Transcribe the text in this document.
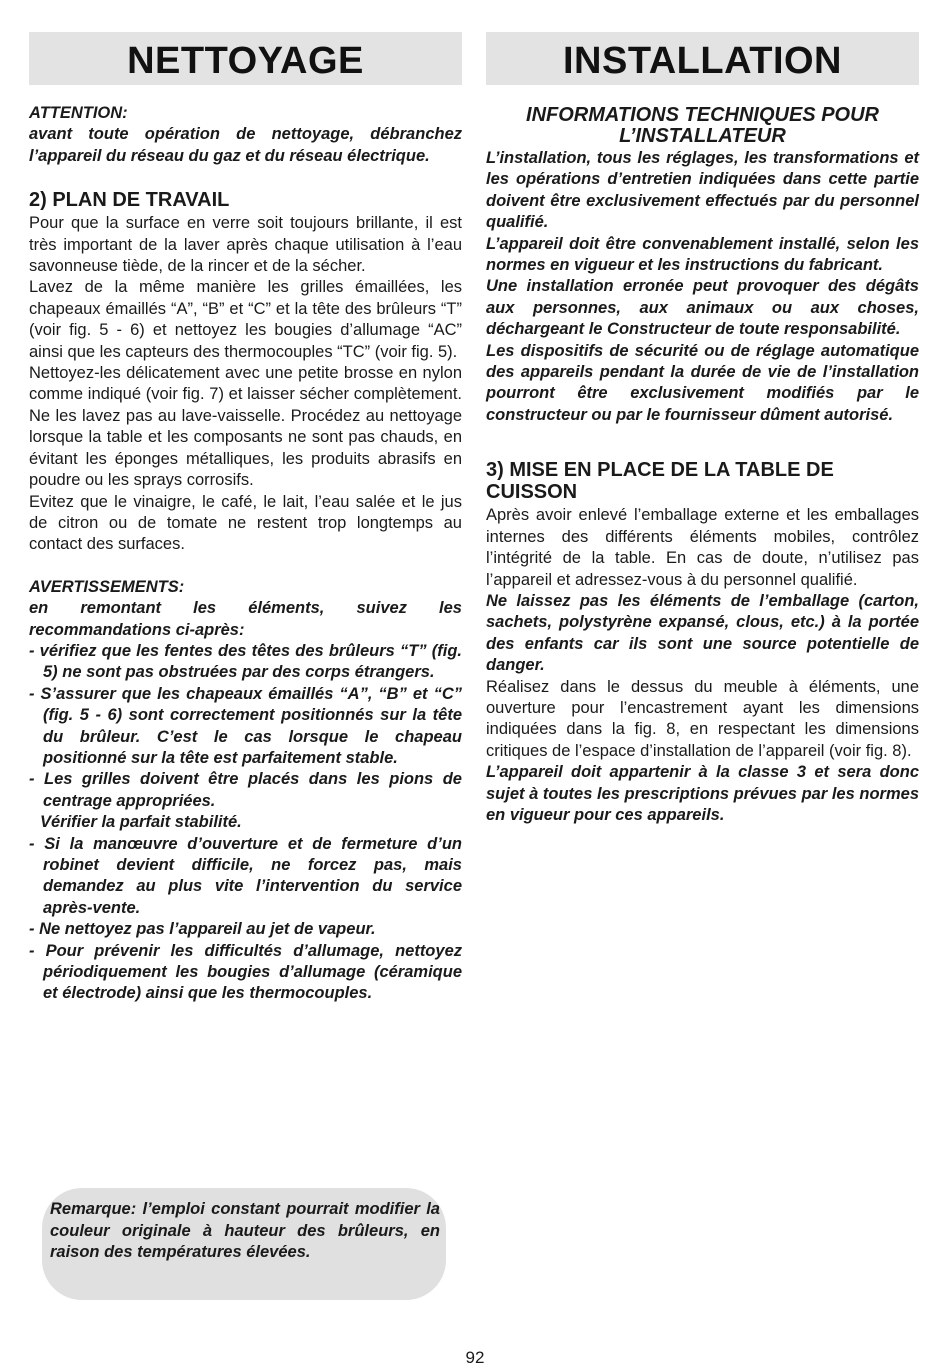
NETTOYAGE

ATTENTION:

avant toute opération de nettoyage, débranchez l’appareil du réseau du gaz et du réseau électrique.

2) PLAN DE TRAVAIL

Pour que la surface en verre soit toujours brillante, il est très important de la laver après chaque utilisation à l’eau savonneuse tiède, de la rincer et de la sécher.

Lavez de la même manière les grilles émaillées, les chapeaux émaillés “A”, “B” et “C” et la tête des brûleurs “T” (voir fig. 5 - 6) et nettoyez les bougies d’allumage “AC” ainsi que les capteurs des thermocouples “TC” (voir fig. 5).

Nettoyez-les délicatement avec une petite brosse en nylon comme indiqué (voir fig. 7) et laisser sécher complètement. Ne les lavez pas au lave-vaisselle. Procédez au nettoyage lorsque la table et les composants ne sont pas chauds, en évitant les éponges métalliques, les produits abrasifs en poudre ou les sprays corrosifs.

Evitez que le vinaigre, le café, le lait, l’eau salée et le jus de citron ou de tomate ne restent trop longtemps au contact des surfaces.

AVERTISSEMENTS:

en remontant les éléments, suivez les recommandations ci-après:

- vérifiez que les fentes des têtes des brûleurs “T” (fig. 5) ne sont pas obstruées par des corps étrangers.

- S’assurer que les chapeaux émaillés “A”, “B” et “C” (fig. 5 - 6) sont correctement positionnés sur la tête du brûleur. C’est le cas lorsque le chapeau positionné sur la tête est parfaitement stable.

- Les grilles doivent être placés dans les pions de centrage appropriées.

Vérifier la parfait stabilité.

- Si la manœuvre d’ouverture et de fermeture d’un robinet devient difficile, ne forcez pas, mais demandez au plus vite l’intervention du service après-vente.

- Ne nettoyez pas l’appareil au jet de vapeur.

- Pour prévenir les difficultés d’allumage, nettoyez périodiquement les bougies d’allumage (céramique et électrode) ainsi que les thermocouples.

Remarque: l’emploi constant pourrait modifier la couleur originale à hauteur des brûleurs, en raison des températures élevées.

INSTALLATION
INFORMATIONS TECHNIQUES POUR
L’INSTALLATEUR

L’installation, tous les réglages, les transformations et les opérations d’entretien indiquées dans cette partie doivent être exclusivement effectués par du personnel qualifié.

L’appareil doit être convenablement installé, selon les normes en vigueur et les instructions du fabricant.

Une installation erronée peut provoquer des dégâts aux personnes, aux animaux ou aux choses, déchargeant le Constructeur de toute responsabilité.

Les dispositifs de sécurité ou de réglage automatique des appareils pendant la durée de vie de l’installation pourront être exclusivement modifiés par le constructeur ou par le fournisseur dûment autorisé.

3) MISE EN PLACE DE LA TABLE DE CUISSON

Après avoir enlevé l’emballage externe et les emballages internes des différents éléments mobiles, contrôlez l’intégrité de la table. En cas de doute, n’utilisez pas l’appareil et adressez-vous à du personnel qualifié.

Ne laissez pas les éléments de l’emballage (carton, sachets, polystyrène expansé, clous, etc.) à la portée des enfants car ils sont une source potentielle de danger.

Réalisez dans le dessus du meuble à éléments, une ouverture pour l’encastrement ayant les dimensions indiquées dans la fig. 8, en respectant les dimensions critiques de l’espace d’installation de l’appareil (voir fig. 8).

L’appareil doit appartenir à la classe 3 et sera donc sujet à toutes les prescriptions prévues par les normes en vigueur pour ces appareils.

92
